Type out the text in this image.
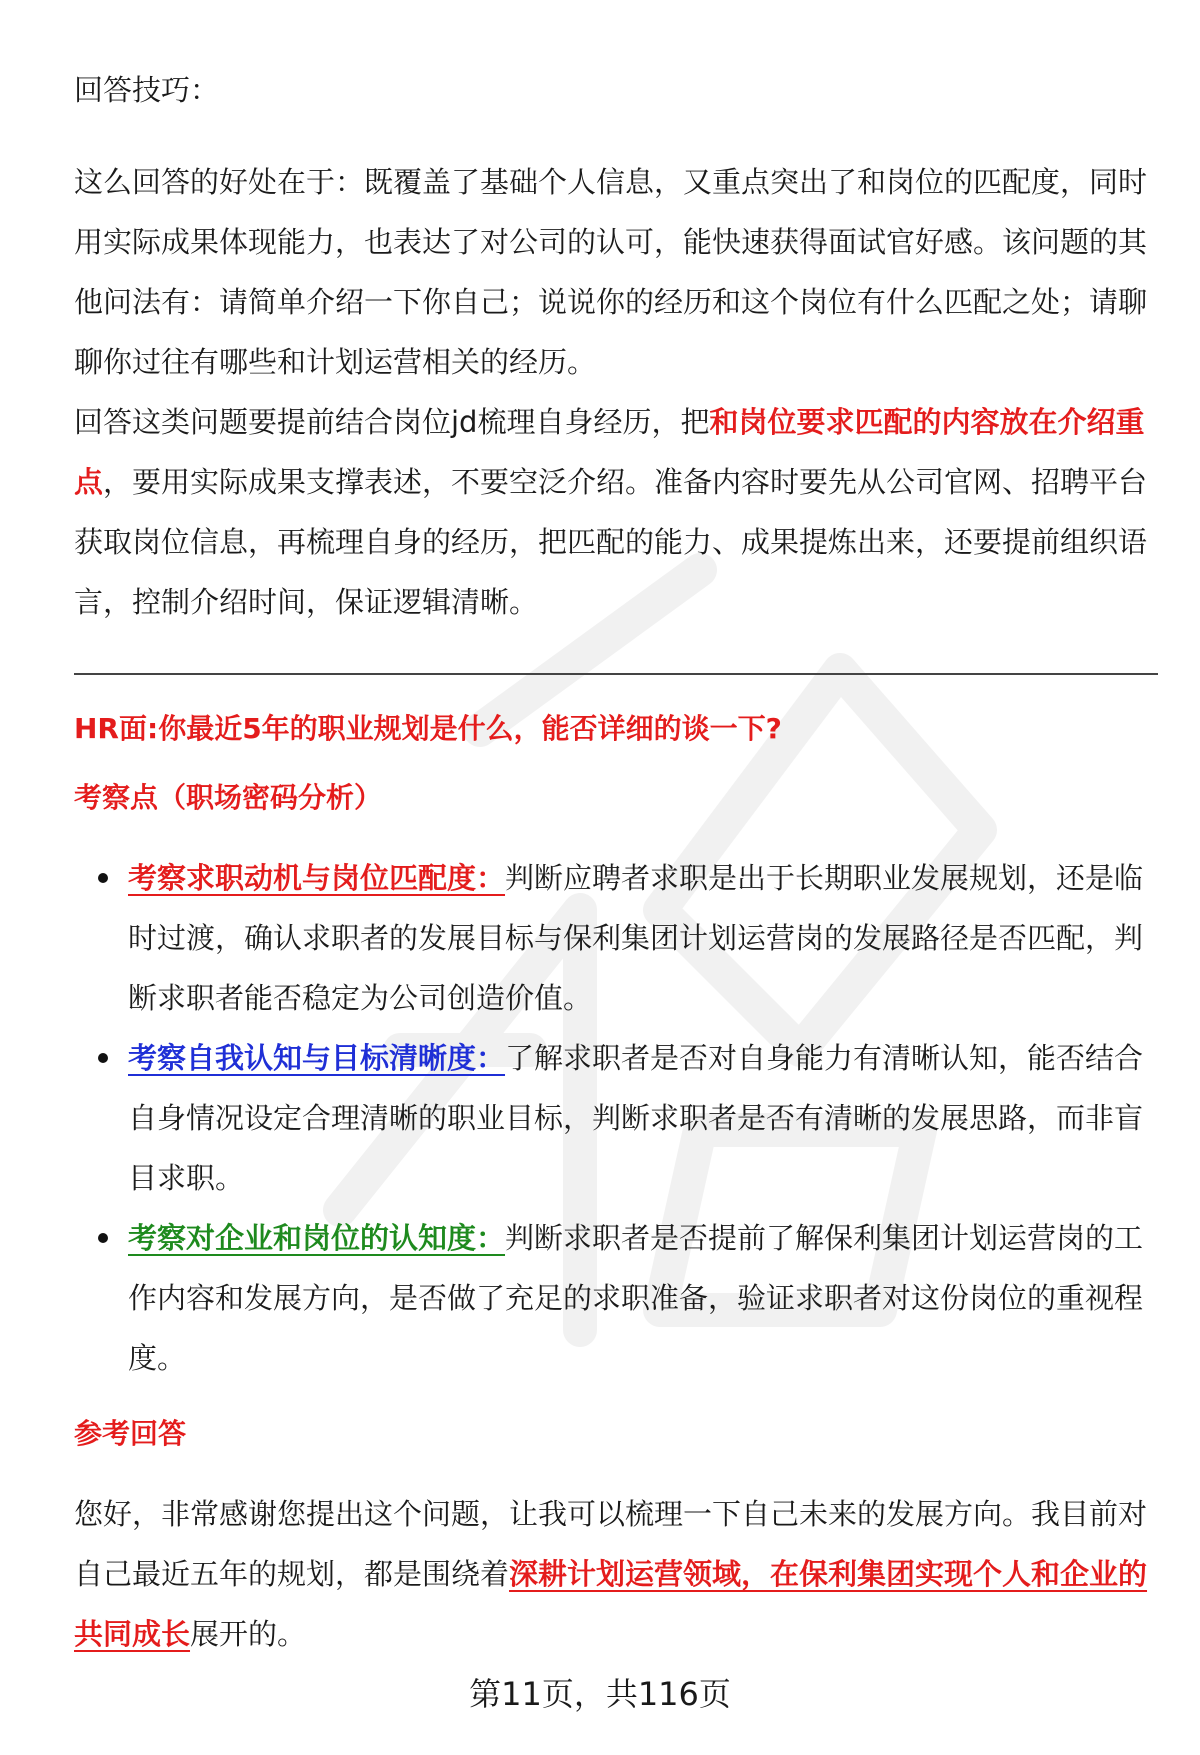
回答技巧：

这么回答的好处在于：既覆盖了基础个人信息，又重点突出了和岗位的匹配度，同时用实际成果体现能力，也表达了对公司的认可，能快速获得面试官好感。该问题的其他问法有：请简单介绍一下你自己；说说你的经历和这个岗位有什么匹配之处；请聊聊你过往有哪些和计划运营相关的经历。

回答这类问题要提前结合岗位jd梳理自身经历，把和岗位要求匹配的内容放在介绍重点，要用实际成果支撑表述，不要空泛介绍。准备内容时要先从公司官网、招聘平台获取岗位信息，再梳理自身的经历，把匹配的能力、成果提炼出来，还要提前组织语言，控制介绍时间，保证逻辑清晰。

HR面:你最近5年的职业规划是什么，能否详细的谈一下?

考察点（职场密码分析）

考察求职动机与岗位匹配度：判断应聘者求职是出于长期职业发展规划，还是临时过渡，确认求职者的发展目标与保利集团计划运营岗的发展路径是否匹配，判断求职者能否稳定为公司创造价值。
考察自我认知与目标清晰度：了解求职者是否对自身能力有清晰认知，能否结合自身情况设定合理清晰的职业目标，判断求职者是否有清晰的发展思路，而非盲目求职。
考察对企业和岗位的认知度：判断求职者是否提前了解保利集团计划运营岗的工作内容和发展方向，是否做了充足的求职准备，验证求职者对这份岗位的重视程度。

参考回答

您好，非常感谢您提出这个问题，让我可以梳理一下自己未来的发展方向。我目前对自己最近五年的规划，都是围绕着深耕计划运营领域，在保利集团实现个人和企业的共同成长展开的。

第11页，共116页
